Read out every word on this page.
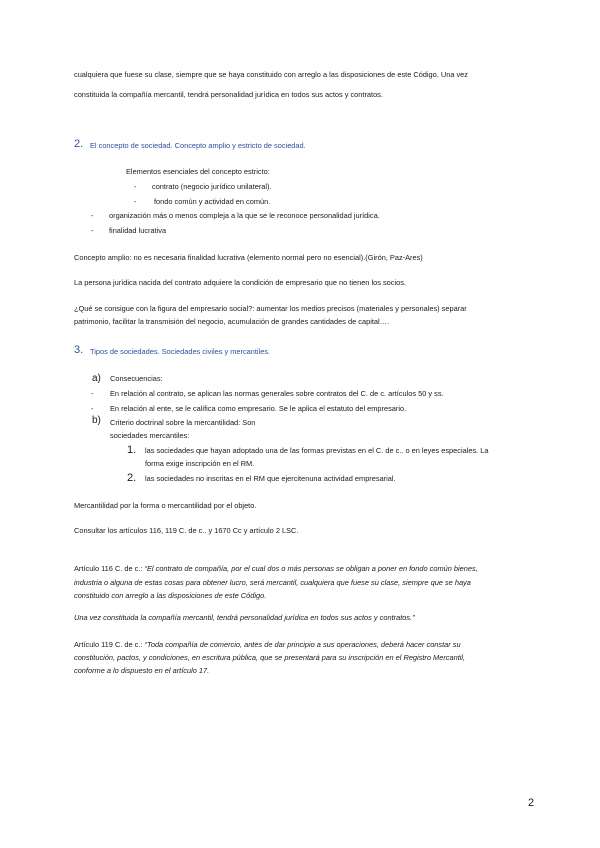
cualquiera que fuese su clase, siempre que se haya constituido con arreglo a las disposiciones de este Código. Una vez

constituida la compañía mercantil, tendrá personalidad jurídica en todos sus actos y contratos.

2. El concepto de sociedad. Concepto amplio y estricto de sociedad.

Elementos esenciales del concepto estricto:

- contrato (negocio jurídico unilateral).

- fondo común y actividad en común.

- organización más o menos compleja a la que se le reconoce personalidad jurídica.

- finalidad lucrativa

Concepto amplio: no es necesaria finalidad lucrativa (elemento normal pero no esencial).(Girón, Paz-Ares)

La persona jurídica nacida del contrato adquiere la condición de empresario que no tienen los socios.

¿Qué se consigue con la figura del empresario social?: aumentar los medios precisos (materiales y personales) separar

patrimonio, facilitar la transmisión del negocio, acumulación de grandes cantidades de capital….

3. Tipos de sociedades. Sociedades civiles y mercantiles.
a) Consecuencias:

- En relación al contrato, se aplican las normas generales sobre contratos del C. de c. artículos 50 y ss.

- En relación al ente, se le califica como empresario. Se le aplica el estatuto del empresario.

b) Criterio doctrinal sobre la mercantilidad: Son

sociedades mercantiles:

1. las sociedades que hayan adoptado una de las formas previstas en el C. de c.. o en leyes especiales. La

forma exige inscripción en el RM.

2. las sociedades no inscritas en el RM que ejercitenuna actividad empresarial.

Mercantilidad por la forma o mercantilidad por el objeto.

Consultar los artículos 116, 119 C. de c.. y 1670 Cc y artículo 2 LSC.

Artículo 116 C. de c.: “El contrato de compañía, por el cual dos o más personas se obligan a poner en fondo común bienes,

industria o alguna de estas cosas para obtener lucro, será mercantil, cualquiera que fuese su clase, siempre que se haya

constituido con arreglo a las disposiciones de este Código.

Una vez constituida la compañía mercantil, tendrá personalidad jurídica en todos sus actos y contratos.”

Artículo 119 C. de c.: “Toda compañía de comercio, antes de dar principio a sus operaciones, deberá hacer constar su

constitución, pactos, y condiciones, en escritura pública, que se presentará para su inscripción en el Registro Mercantil,

conforme a lo dispuesto en el artículo 17.

2
